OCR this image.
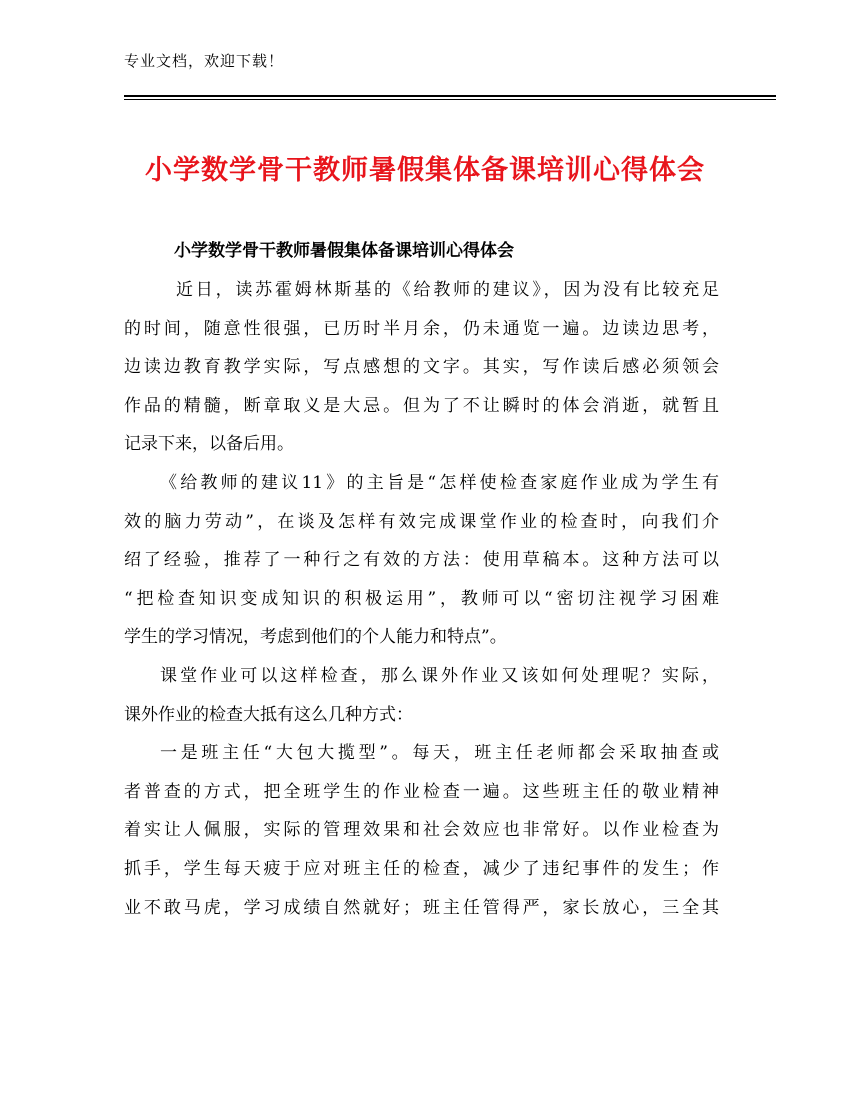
专业文档，欢迎下载！
小学数学骨干教师暑假集体备课培训心得体会
小学数学骨干教师暑假集体备课培训心得体会
近日，读苏霍姆林斯基的《给教师的建议》，因为没有比较充足
的时间，随意性很强，已历时半月余，仍未通览一遍。边读边思考，
边读边教育教学实际，写点感想的文字。其实，写作读后感必须领会
作品的精髓，断章取义是大忌。但为了不让瞬时的体会消逝，就暂且
记录下来，以备后用。
《给教师的建议11》的主旨是“怎样使检查家庭作业成为学生有
效的脑力劳动”，在谈及怎样有效完成课堂作业的检查时，向我们介
绍了经验，推荐了一种行之有效的方法：使用草稿本。这种方法可以
“把检查知识变成知识的积极运用”，教师可以“密切注视学习困难
学生的学习情况，考虑到他们的个人能力和特点”。
课堂作业可以这样检查，那么课外作业又该如何处理呢？实际，
课外作业的检查大抵有这么几种方式：
一是班主任“大包大揽型”。每天，班主任老师都会采取抽查或
者普查的方式，把全班学生的作业检查一遍。这些班主任的敬业精神
着实让人佩服，实际的管理效果和社会效应也非常好。以作业检查为
抓手，学生每天疲于应对班主任的检查，减少了违纪事件的发生；作
业不敢马虎，学习成绩自然就好；班主任管得严，家长放心，三全其
